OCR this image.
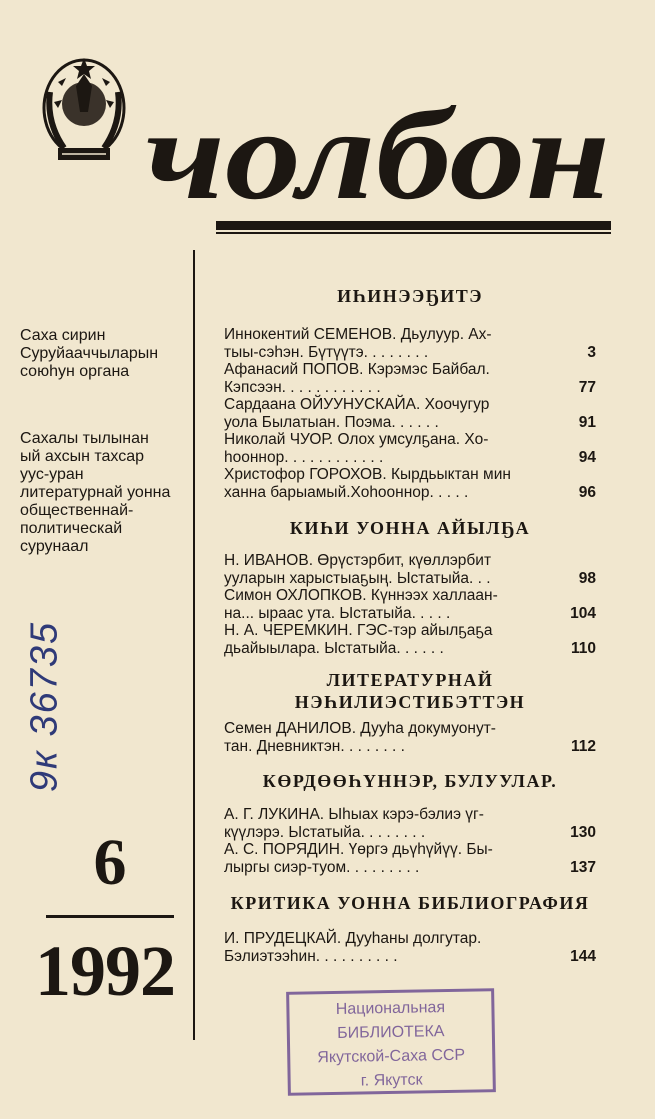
чолбон
Саха сирин
Суруйааччыларын
союһун органа
Сахалы тылынан
ый ахсын тахсар
уус-уран
литературнай уонна
общественнай-
политическай
сурунаал
9к 36735
6
1992
ИҺИНЭЭҔИТЭ
Иннокентий СЕМЕНОВ. Дьулуур. Ах-
тыы-сэһэн. Бүтүүтэ. . . . . . . .	3
Афанасий ПОПОВ. Кэрэмэс Байбал.
Кэпсээн. . . . . . . . . . . .	77
Сардаана ОЙУУНУСКАЙА. Хоочугур
уола Былатыан. Поэма. . . . . .	91
Николай ЧУОР. Олох умсулҕана. Хо-
һооннор. . . . . . . . . . . .	94
Христофор ГОРОХОВ. Кырдьыктан мин
ханна барыамый.Хоһооннор. . . . .	96
КИҺИ УОННА АЙЫЛҔА
Н. ИВАНОВ. Өрүстэрбит, күөллэрбит
ууларын харыстыаҕың. Ыстатыйа. . .	98
Симон ОХЛОПКОВ. Күннээх халлаан-
на... ыраас ута. Ыстатыйа. . . . .	104
Н. А. ЧЕРЕМКИН. ГЭС-тэр айылҕаҕа
дьайыылара. Ыстатыйа. . . . . .	110
ЛИТЕРАТУРНАЙ НЭҺИЛИЭСТИБЭТТЭН
Семен ДАНИЛОВ. Дууһа докумуонут-
тан. Дневниктэн. . . . . . . .	112
КӨРДӨӨҺҮННЭР, БУЛУУЛАР.
А. Г. ЛУКИНА. Ыһыах кэрэ-бэлиэ үг-
күүлэрэ. Ыстатыйа. . . . . . . .	130
А. С. ПОРЯДИН. Үөргэ дьүһүйүү. Бы-
лыргы сиэр-туом. . . . . . . . .	137
КРИТИКА УОННА БИБЛИОГРАФИЯ
И. ПРУДЕЦКАЙ. Дууһаны долгутар.
Бэлиэтээһин. . . . . . . . . .	144
Национальная
БИБЛИОТЕКА
Якутской-Саха ССР
г. Якутск
